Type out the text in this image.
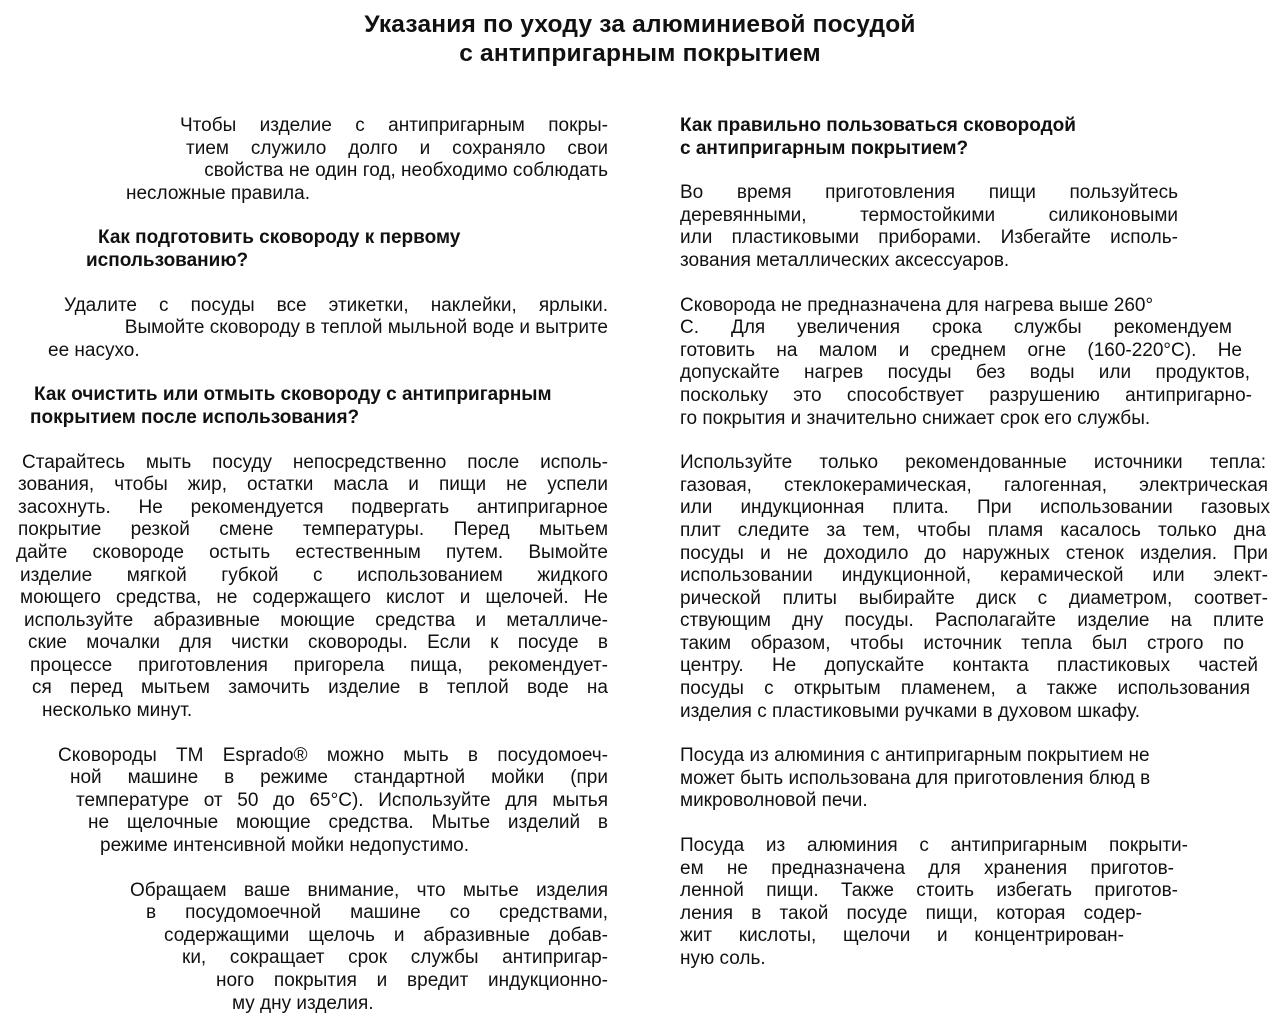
Указания по уходу за алюминиевой посудой
с антипригарным покрытием
Чтобы изделие с антипригарным покры-
тием служило долго и сохраняло свои
свойства не один год, необходимо соблюдать
несложные правила.
Как подготовить сковороду к первому
использованию?
Удалите с посуды все этикетки, наклейки, ярлыки.
Вымойте сковороду в теплой мыльной воде и вытрите
ее насухо.
Как очистить или отмыть сковороду с антипригарным
покрытием после использования?
Старайтесь мыть посуду непосредственно после исполь-
зования, чтобы жир, остатки масла и пищи не успели
засохнуть. Не рекомендуется подвергать антипригарное
покрытие резкой смене температуры. Перед мытьем
дайте сковороде остыть естественным путем. Вымойте
изделие мягкой губкой с использованием жидкого
моющего средства, не содержащего кислот и щелочей. Не
используйте абразивные моющие средства и металличе-
ские мочалки для чистки сковороды. Если к посуде в
процессе приготовления пригорела пища, рекомендует-
ся перед мытьем замочить изделие в теплой воде на
несколько минут.
Сковороды ТМ Esprado® можно мыть в посудомоеч-
ной машине в режиме стандартной мойки (при
температуре от 50 до 65°С). Используйте для мытья
не щелочные моющие средства. Мытье изделий в
режиме интенсивной мойки недопустимо.
Обращаем ваше внимание, что мытье изделия
в посудомоечной машине со средствами,
содержащими щелочь и абразивные добав-
ки, сокращает срок службы антипригар-
ного покрытия и вредит индукционно-
му дну изделия.
Как правильно пользоваться сковородой
с антипригарным покрытием?
Во время приготовления пищи пользуйтесь
деревянными, термостойкими силиконовыми
или пластиковыми приборами. Избегайте исполь-
зования металлических аксессуаров.
Сковорода не предназначена для нагрева выше 260°
С. Для увеличения срока службы рекомендуем
готовить на малом и среднем огне (160-220°С). Не
допускайте нагрев посуды без воды или продуктов,
поскольку это способствует разрушению антипригарно-
го покрытия и значительно снижает срок его службы.
Используйте только рекомендованные источники тепла:
газовая, стеклокерамическая, галогенная, электрическая
или индукционная плита. При использовании газовых
плит следите за тем, чтобы пламя касалось только дна
посуды и не доходило до наружных стенок изделия. При
использовании индукционной, керамической или элект-
рической плиты выбирайте диск с диаметром, соответ-
ствующим дну посуды. Располагайте изделие на плите
таким образом, чтобы источник тепла был строго по
центру. Не допускайте контакта пластиковых частей
посуды с открытым пламенем, а также использования
изделия с пластиковыми ручками в духовом шкафу.
Посуда из алюминия с антипригарным покрытием не
может быть использована для приготовления блюд в
микроволновой печи.
Посуда из алюминия с антипригарным покрыти-
ем не предназначена для хранения приготов-
ленной пищи. Также стоить избегать приготов-
ления в такой посуде пищи, которая содер-
жит кислоты, щелочи и концентрирован-
ную соль.
